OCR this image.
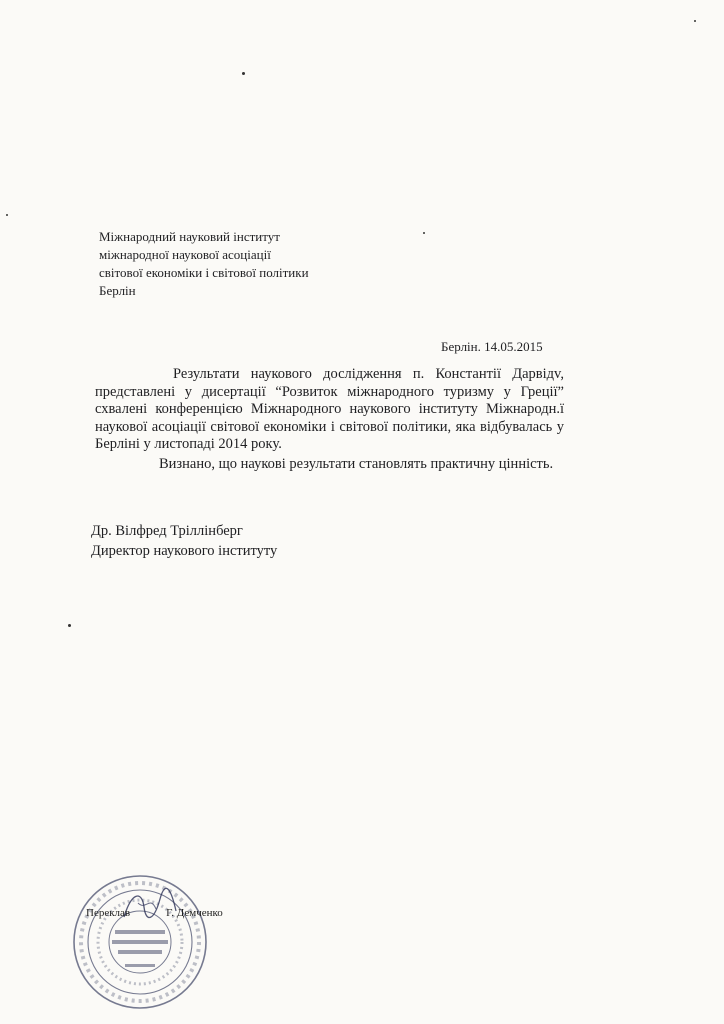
Міжнародний науковий інститут
міжнародної наукової асоціації
світової економіки і світової політики
Берлін
Берлін. 14.05.2015

Результати наукового дослідження п. Константії Дарвідv, представлені у дисертації “Розвиток міжнародного туризму у Греції” схвалені конференцією Міжнародного наукового інституту Міжнародн.ї наукової асоціації світової економіки і світової політики, яка відбувалась у Берліні у листопаді 2014 року.

Визнано, що наукові результати становлять практичну цінність.

Др. Вілфред Тріллінберг
Директор наукового інституту
Переклав	Г. Демченко
